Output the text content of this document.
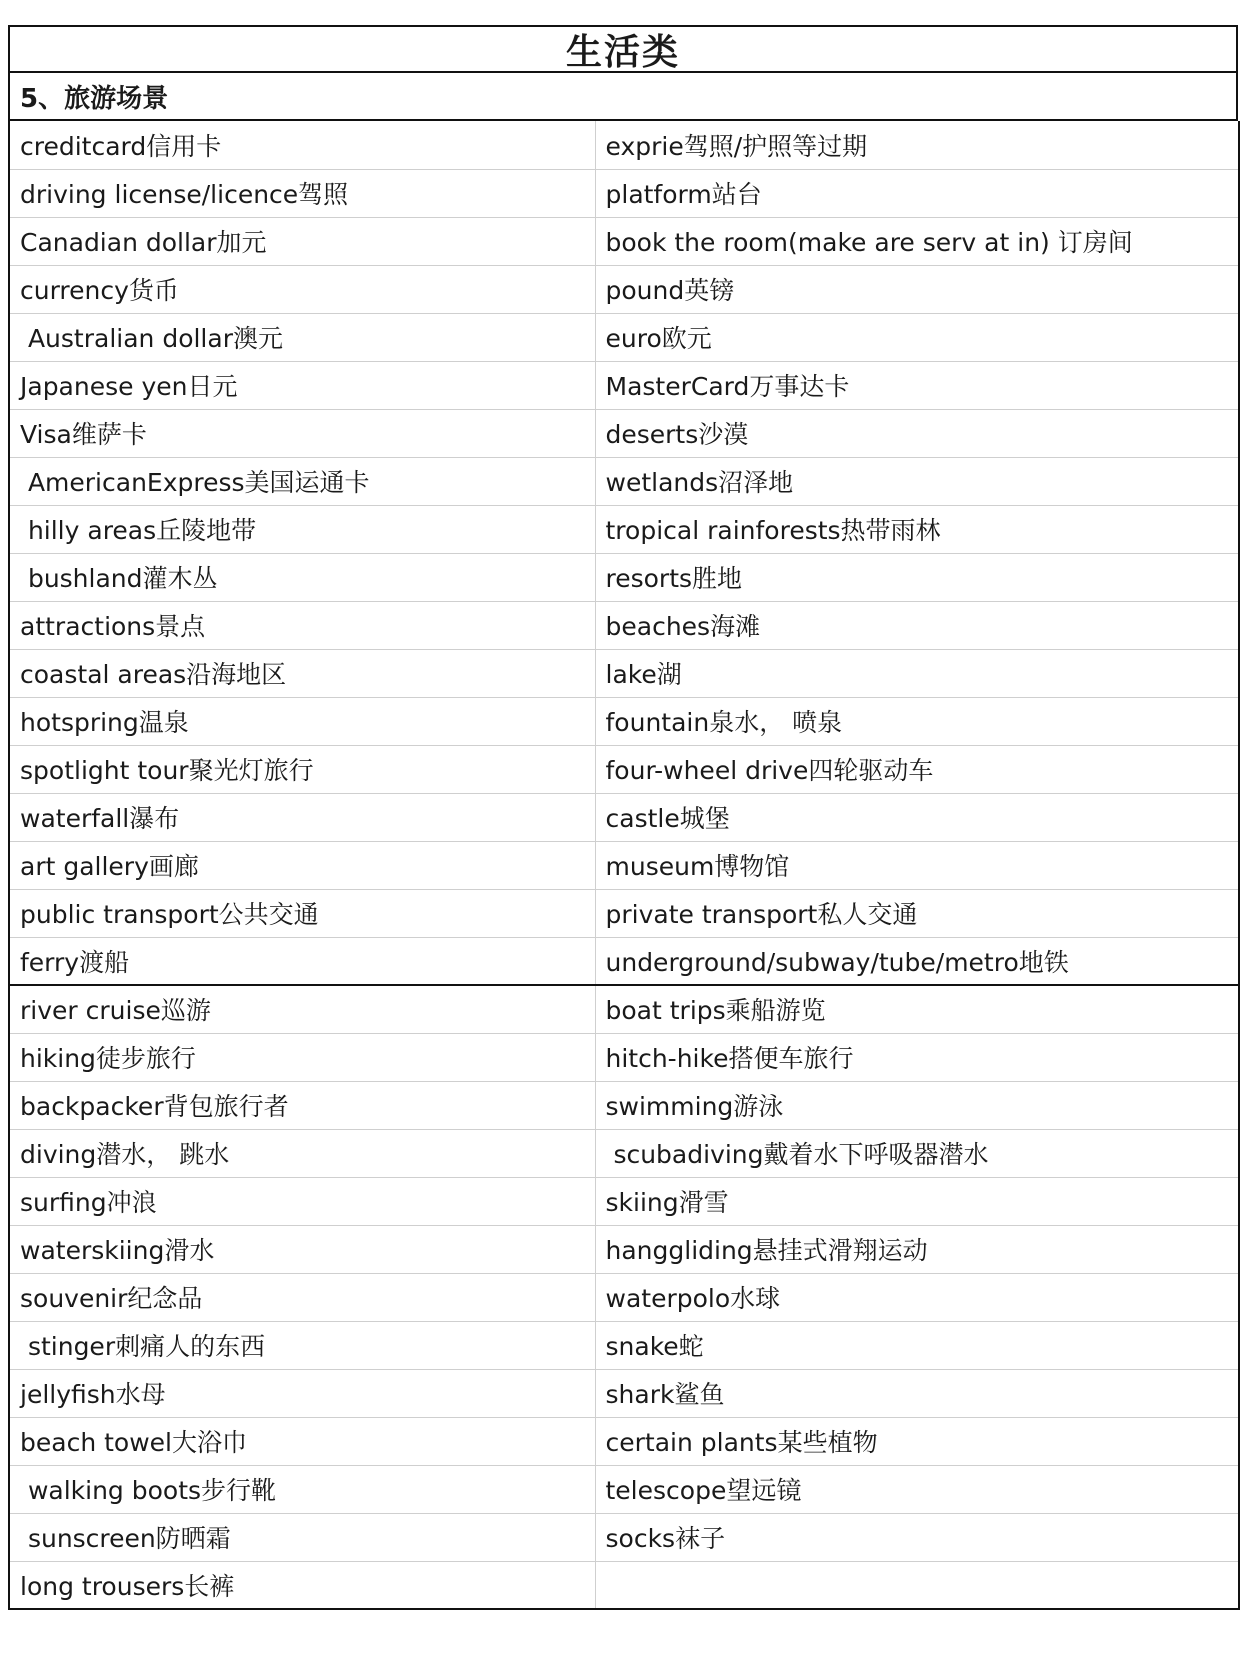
生活类
5、旅游场景
creditcard信用卡	exprie驾照/护照等过期
driving license/licence驾照	platform站台
Canadian dollar加元	book the room(make are serv at in) 订房间
currency货币	pound英镑
Australian dollar澳元	euro欧元
Japanese yen日元	MasterCard万事达卡
Visa维萨卡	deserts沙漠
AmericanExpress美国运通卡	wetlands沼泽地
hilly areas丘陵地带	tropical rainforests热带雨林
bushland灌木丛	resorts胜地
attractions景点	beaches海滩
coastal areas沿海地区	lake湖
hotspring温泉	fountain泉水， 喷泉
spotlight tour聚光灯旅行	four-wheel drive四轮驱动车
waterfall瀑布	castle城堡
art gallery画廊	museum博物馆
public transport公共交通	private transport私人交通
ferry渡船	underground/subway/tube/metro地铁
river cruise巡游	boat trips乘船游览
hiking徒步旅行	hitch-hike搭便车旅行
backpacker背包旅行者	swimming游泳
diving潜水， 跳水	scubadiving戴着水下呼吸器潜水
surfing冲浪	skiing滑雪
waterskiing滑水	hanggliding悬挂式滑翔运动
souvenir纪念品	waterpolo水球
stinger刺痛人的东西	snake蛇
jellyfish水母	shark鲨鱼
beach towel大浴巾	certain plants某些植物
walking boots步行靴	telescope望远镜
sunscreen防晒霜	socks袜子
long trousers长裤	
